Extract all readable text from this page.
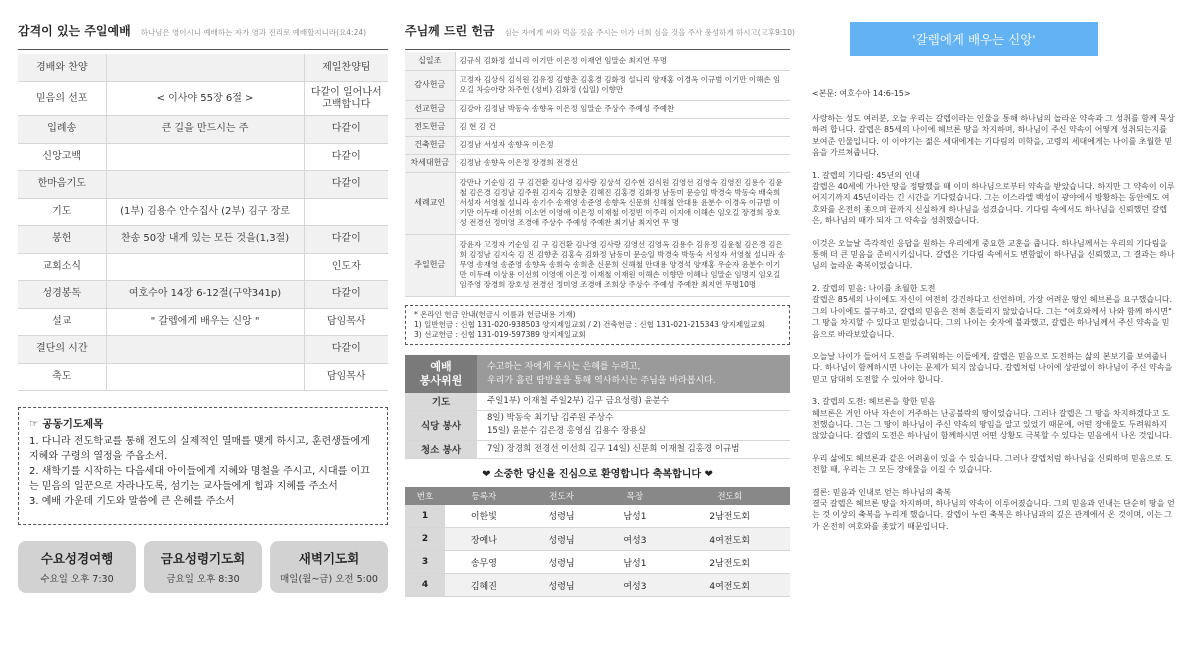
감격이 있는 주일예배 하나님은 영이시니 예배하는 자가 영과 진리로 예배할지니라(요4:24)
경배와 찬양		제일찬양팀
믿음의 선포	< 이사야 55장 6절 >	다같이 일어나서 고백합니다
입례송	큰 길을 만드시는 주	다같이
신앙고백		다같이
한마음기도		다같이
기도	(1부) 김용수 안수집사 (2부) 김구 장로	
봉헌	찬송 50장 내게 있는 모든 것을(1,3절)	다같이
교회소식		인도자
성경봉독	여호수아 14장 6-12절(구약341p)	다같이
설교	" 갈렙에게 배우는 신앙 "	담임목사
결단의 시간		다같이
축도		담임목사
☞ 공동기도제목
1. 다니라 전도학교를 통해 전도의 실제적인 열매를 맺게 하시고, 훈련생들에게 지혜와 구령의 열정을 주옵소서.
2. 새학기를 시작하는 다음세대 아이들에게 지혜와 명철을 주시고, 시대를 이끄는 믿음의 일꾼으로 자라나도록, 섬기는 교사들에게 힘과 지혜를 주소서
3. 예배 가운데 기도와 말씀에 큰 은혜를 주소서
수요성경여행
수요일 오후 7:30
금요성령기도회
금요일 오후 8:30
새벽기도회
매일(월~금) 오전 5:00
주님께 드린 헌금 심는 자에게 씨와 먹을 것을 주시는 이가 너희 심을 것을 주사 풍성하게 하시고(고후9:10)
십일조	김규식 김화정 설니리 이기만 이은정 이재연 임말순 최지연 무명
감사헌금	고정자 김상식 김식원 김유정 김향춘 김홍경 김화정 설니리 양재홍 이경옥 이규범 이기만 이해손 임오길 차승아량 차주헌 (성비) 김화정 (십일) 이향만
선교헌금	김강아 김정남 박동숙 송향옥 이은정 임말순 주상수 주예성 주예찬
전도헌금	김 현 김 건
건축헌금	김정남 서성자 송향옥 이은정
차세대헌금	김정남 송향옥 이은정 장경희 전경선
세례교인	강만나 기순임 김 구 김건환 김나영 김사랑 김상석 김수현 김식원 김영선 김영숙 김영진 김용수 김윤철 김은경 김정남 김주원 김지숙 김향춘 김혜진 김홍경 김화정 남동미 문승일 박경숙 박동숙 배숙희 서성자 서영철 설니라 송기수 송재영 송준영 송향옥 신문희 신해철 안대용 윤분수 이경옥 이규범 이기만 이두래 이선희 이소연 이영애 이은정 이재철 이정빈 이주리 이지애 이해손 임오길 장경희 장호성 전경선 정미영 조경애 주상수 주예성 주예찬 최기남 최지연 무 명
주일헌금	강윤자 고정자 기순임 김 구 김건환 김나영 김사랑 김영선 김영옥 김용수 김유정 김윤철 김은경 김은희 김정남 김지숙 김 진 김향춘 김홍숙 김화정 남동미 문승일 박경숙 박동숙 서성자 서영철 설니라 송무영 송재영 송준영 송향옥 송희숙 송희춘 신문희 신해철 안대용 양경석 양재홍 우순자 윤분수 이기만 이두래 이상용 이선희 이영애 이은정 이재철 이재원 이해손 이향만 이혜나 임말순 임명지 임오길 임주영 장경희 장호성 전경선 정미영 조경애 조희상 주상수 주예성 주예찬 최지연 무명10명
* 온라인 헌금 안내(헌금시 이름과 헌금내용 기재)
1) 일반헌금 : 신협 131-020-938503 양지제일교회 / 2) 건축헌금 : 신협 131-021-215343 양지제일교회
3) 선교헌금 : 신협 131-019-597389 양지제일교회
예배
봉사위원
수고하는 자에게 주시는 은혜를 누리고,
우리가 흘린 땀방울을 통해 역사하시는 주님을 바라봅시다.
기도	주일1부) 이재철 주일2부) 김구 금요성령) 윤분수
식당 봉사
8일) 박동숙 최기남 김주원 주상수
15일) 윤분수 김은경 홍영심 김용수 장용실
청소 봉사	7일) 장경희 전경선 이선희 김구 14일) 신문희 이재철 김홍경 이규범
❤ 소중한 당신을 진심으로 환영합니다 축복합니다 ❤
번호	등록자	전도자	목장	전도회
1	이한빛	성령님	남성1	2남전도회
2	장예나	성령님	여성3	4여전도회
3	송무영	성령님	남성1	2남전도회
4	김혜진	성령님	여성3	4여전도회
'갈렙에게 배우는 신앙'
<본문: 여호수아 14:6-15>

사랑하는 성도 여러분, 오늘 우리는 갈렙이라는 인물을 통해 하나님의 놀라운 약속과 그 성취를 함께 묵상하려 합니다. 갈렙은 85세의 나이에 헤브론 땅을 차지하며, 하나님이 주신 약속이 어떻게 성취되는지를 보여준 인물입니다. 이 이야기는 젊은 세대에게는 기다림의 미학을, 고령의 세대에게는 나이를 초월한 믿음을 가르쳐줍니다.

1. 갈렙의 기다림: 45년의 인내
갈렙은 40세에 가나안 땅을 정탐했을 때 이미 하나님으로부터 약속을 받았습니다. 하지만 그 약속이 이루어지기까지 45년이라는 긴 시간을 기다렸습니다. 그는 이스라엘 백성이 광야에서 방황하는 동안에도 여호와를 온전히 좇으며 끝까지 신실하게 하나님을 섬겼습니다. 기다림 속에서도 하나님을 신뢰했던 갈렙은, 하나님의 때가 되자 그 약속을 성취했습니다.

이것은 오늘날 즉각적인 응답을 원하는 우리에게 중요한 교훈을 줍니다. 하나님께서는 우리의 기다림을 통해 더 큰 믿음을 준비시키십니다. 갈렙은 기다림 속에서도 변함없이 하나님을 신뢰했고, 그 결과는 하나님의 놀라운 축복이었습니다.

2. 갈렙의 믿음: 나이를 초월한 도전
갈렙은 85세의 나이에도 자신이 여전히 강건하다고 선언하며, 가장 어려운 땅인 헤브론을 요구했습니다. 그의 나이에도 불구하고, 갈렙의 믿음은 전혀 흔들리지 않았습니다. 그는 "여호와께서 나와 함께 하시면" 그 땅을 차지할 수 있다고 믿었습니다. 그의 나이는 숫자에 불과했고, 갈렙은 하나님께서 주신 약속을 믿음으로 바라보았습니다.

오늘날 나이가 들어서 도전을 두려워하는 이들에게, 갈렙은 믿음으로 도전하는 삶의 본보기를 보여줍니다. 하나님이 함께하시면 나이는 문제가 되지 않습니다. 갈렙처럼 나이에 상관없이 하나님이 주신 약속을 믿고 담대히 도전할 수 있어야 합니다.

3. 갈렙의 도전: 헤브론을 향한 믿음
헤브론은 거인 아낙 자손이 거주하는 난공불락의 땅이었습니다. 그러나 갈렙은 그 땅을 차지하겠다고 도전했습니다. 그는 그 땅이 하나님이 주신 약속의 땅임을 알고 있었기 때문에, 어떤 장애물도 두려워하지 않았습니다. 갈렙의 도전은 하나님이 함께하시면 어떤 상황도 극복할 수 있다는 믿음에서 나온 것입니다.

우리 삶에도 헤브론과 같은 어려움이 있을 수 있습니다. 그러나 갈렙처럼 하나님을 신뢰하며 믿음으로 도전할 때, 우리는 그 모든 장애물을 이길 수 있습니다.

결론: 믿음과 인내로 얻는 하나님의 축복
결국 갈렙은 헤브론 땅을 차지하며, 하나님의 약속이 이루어졌습니다. 그의 믿음과 인내는 단순히 땅을 얻는 것 이상의 축복을 누리게 했습니다. 갈렙이 누린 축복은 하나님과의 깊은 관계에서 온 것이며, 이는 그가 온전히 여호와를 좇았기 때문입니다.
